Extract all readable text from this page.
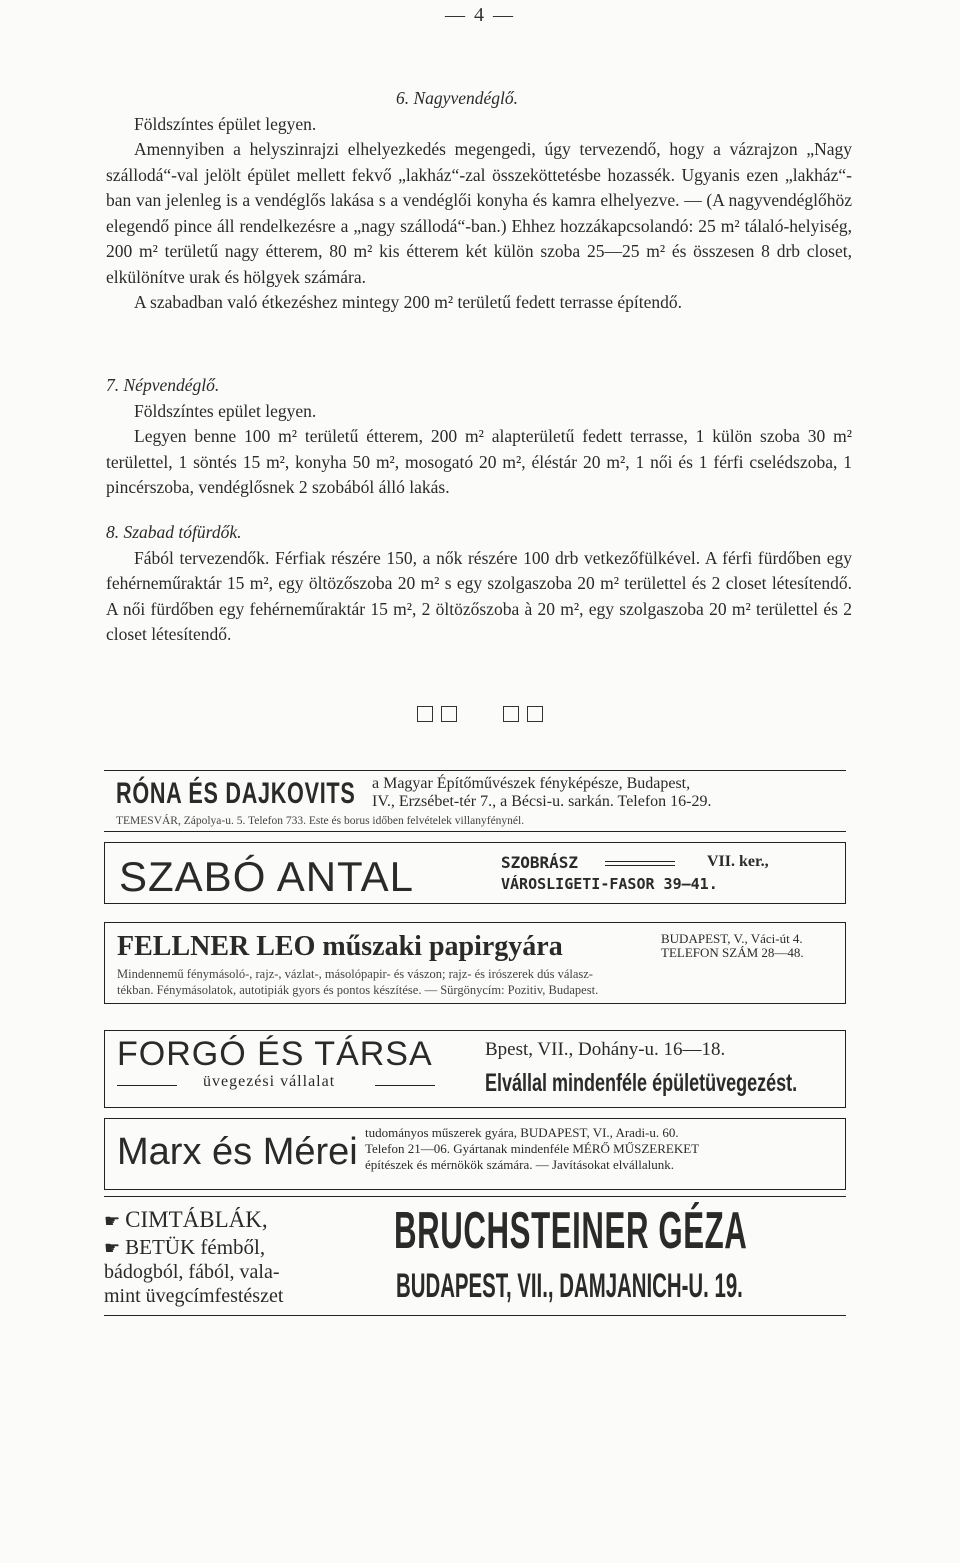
— 4 —

6. Nagyvendéglő.

Földszíntes épület legyen.

Amennyiben a helyszinrajzi elhelyezkedés megengedi, úgy tervezendő, hogy a vázrajzon „Nagy szállodá“-val jelölt épület mellett fekvő „lakház“-zal összeköttetésbe hozassék. Ugyanis ezen „lakház“-ban van jelenleg is a vendéglős lakása s a vendéglői konyha és kamra elhelyezve. — (A nagyvendéglőhöz elegendő pince áll rendelkezésre a „nagy szállodá“-ban.) Ehhez hozzákapcsolandó: 25 m² tálaló-helyiség, 200 m² területű nagy étterem, 80 m² kis étterem két külön szoba 25—25 m² és összesen 8 drb closet, elkülönítve urak és hölgyek számára.

A szabadban való étkezéshez mintegy 200 m² területű fedett terrasse építendő.

7. Népvendéglő.

Földszíntes epület legyen.

Legyen benne 100 m² területű étterem, 200 m² alapterületű fedett terrasse, 1 külön szoba 30 m² területtel, 1 söntés 15 m², konyha 50 m², mosogató 20 m², éléstár 20 m², 1 női és 1 férfi cselédszoba, 1 pincérszoba, vendéglősnek 2 szobából álló lakás.

8. Szabad tófürdők.

Fából tervezendők. Férfiak részére 150, a nők részére 100 drb vetkezőfülkével. A férfi fürdőben egy fehérneműraktár 15 m², egy öltözőszoba 20 m² s egy szolgaszoba 20 m² területtel és 2 closet létesítendő. A női fürdőben egy fehérneműraktár 15 m², 2 öltözőszoba à 20 m², egy szolgaszoba 20 m² területtel és 2 closet létesítendő.

RÓNA ÉS DAJKOVITS a Magyar Építőművészek fényképésze, Budapest,
IV., Erzsébet-tér 7., a Bécsi-u. sarkán. Telefon 16-29.
TEMESVÁR, Zápolya-u. 5. Telefon 733. Este és borus időben felvételek villanyfénynél.
SZABÓ ANTAL	SZOBRÁSZ	VII. ker.,
VÁROSLIGETI-FASOR 39—41.
FELLNER LEO műszaki papirgyára	BUDAPEST, V., Váci-út 4.
TELEFON SZÁM 28—48.
Mindennemű fénymásoló-, rajz-, vázlat-, másolópapir- és vászon; rajz- és irószerek dús válasz-
tékban. Fénymásolatok, autotipiák gyors és pontos készítése. — Sürgönycím: Pozitiv, Budapest.
FORGÓ ÉS TÁRSA
üvegezési vállalat
Bpest, VII., Dohány-u. 16—18.
Elvállal mindenféle épületüvegezést.
Marx és Mérei tudományos műszerek gyára, BUDAPEST, VI., Aradi-u. 60.
Telefon 21—06. Gyártanak mindenféle MÉRŐ MŰSZEREKET
építészek és mérnökök számára. — Javításokat elvállalunk.
☛ CIMTÁBLÁK,
☛ BETÜK fémből,
bádogból, fából, vala-
mint üvegcímfestészet
BRUCHSTEINER GÉZA
BUDAPEST, VII., DAMJANICH-U. 19.
